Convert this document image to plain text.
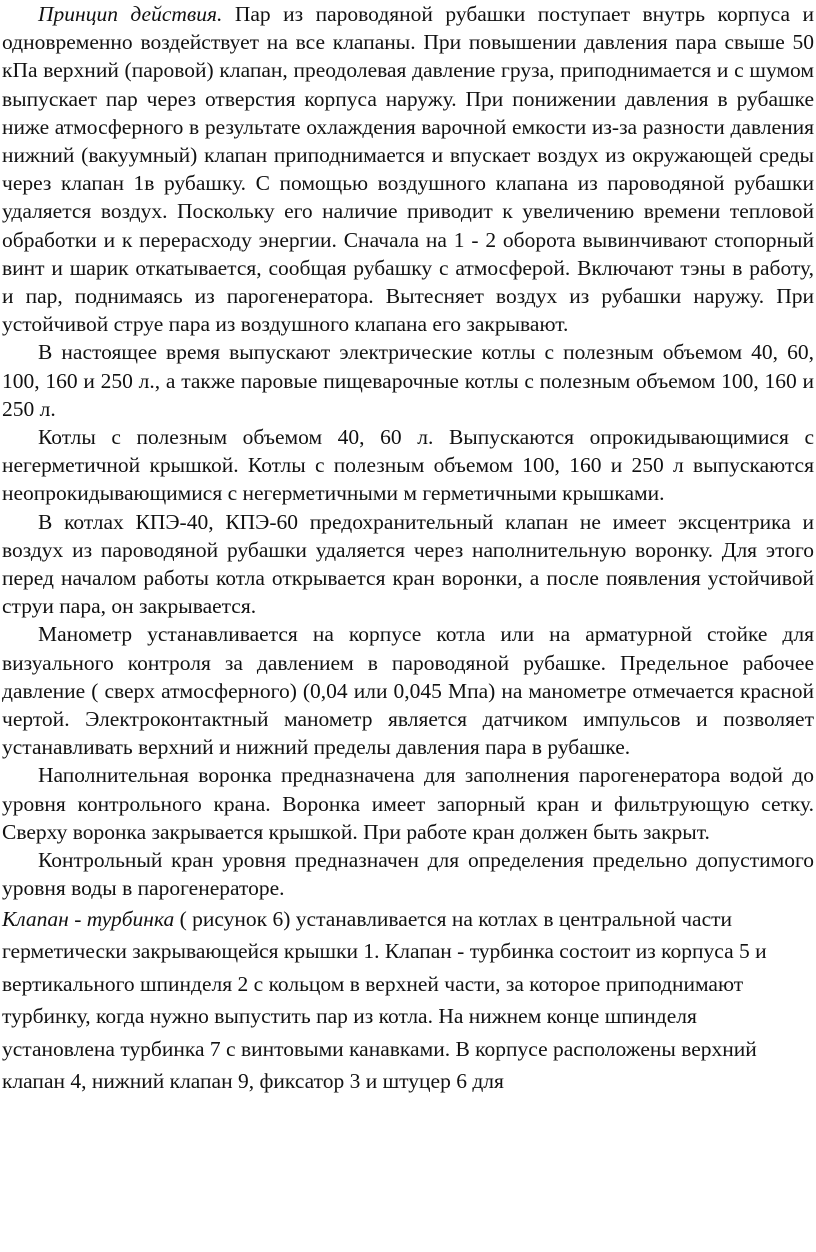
Принцип действия. Пар из пароводяной рубашки поступает внутрь корпуса и одновременно воздействует на все клапаны. При повышении давления пара свыше 50 кПа верхний (паровой) клапан, преодолевая давление груза, приподнимается и с шумом выпускает пар через отверстия корпуса наружу. При понижении давления в рубашке ниже атмосферного в результате охлаждения варочной емкости из-за разности давления нижний (вакуумный) клапан приподнимается и впускает воздух из окружающей среды через клапан 1в рубашку. С помощью воздушного клапана из пароводяной рубашки удаляется воздух. Поскольку его наличие приводит к увеличению времени тепловой обработки и к перерасходу энергии. Сначала на 1 - 2 оборота вывинчивают стопорный винт и шарик откатывается, сообщая рубашку с атмосферой. Включают тэны в работу, и пар, поднимаясь из парогенератора. Вытесняет воздух из рубашки наружу. При устойчивой струе пара из воздушного клапана его закрывают.

В настоящее время выпускают электрические котлы с полезным объемом 40, 60, 100, 160 и 250 л., а также паровые пищеварочные котлы с полезным объемом 100, 160 и 250 л.

Котлы с полезным объемом 40, 60 л. Выпускаются опрокидывающимися с негерметичной крышкой. Котлы с полезным объемом 100, 160 и 250 л выпускаются неопрокидывающимися с негерметичными м герметичными крышками.

В котлах КПЭ-40, КПЭ-60 предохранительный клапан не имеет эксцентрика и воздух из пароводяной рубашки удаляется через наполнительную воронку. Для этого перед началом работы котла открывается кран воронки, а после появления устойчивой струи пара, он закрывается.

Манометр устанавливается на корпусе котла или на арматурной стойке для визуального контроля за давлением в пароводяной рубашке. Предельное рабочее давление ( сверх атмосферного) (0,04 или 0,045 Мпа) на манометре отмечается красной чертой. Электроконтактный манометр является датчиком импульсов и позволяет устанавливать верхний и нижний пределы давления пара в рубашке.

Наполнительная воронка предназначена для заполнения парогенератора водой до уровня контрольного крана. Воронка имеет запорный кран и фильтрующую сетку. Сверху воронка закрывается крышкой. При работе кран должен быть закрыт.

Контрольный кран уровня предназначен для определения предельно допустимого уровня воды в парогенераторе.

Клапан - турбинка ( рисунок 6) устанавливается на котлах в центральной части герметически закрывающейся крышки 1. Клапан - турбинка состоит из корпуса 5 и вертикального шпинделя 2 с кольцом в верхней части, за которое приподнимают турбинку, когда нужно выпустить пар из котла. На нижнем конце шпинделя установлена турбинка 7 с винтовыми канавками. В корпусе расположены верхний клапан 4, нижний клапан 9, фиксатор 3 и штуцер 6 для
